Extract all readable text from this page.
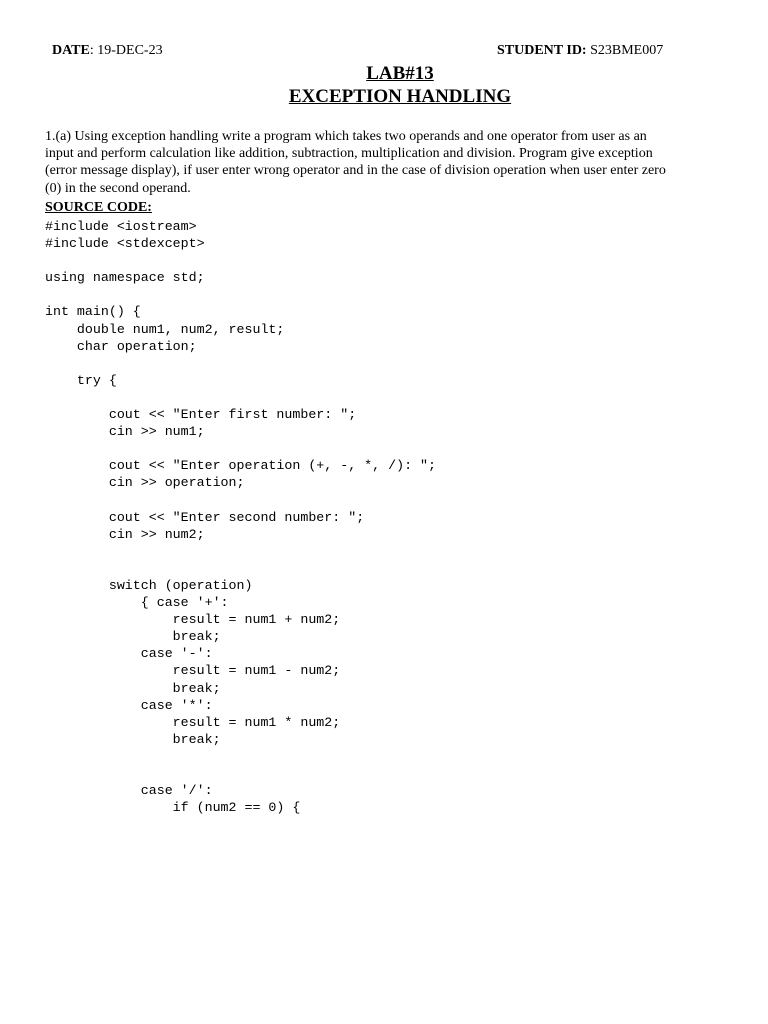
DATE: 19-DEC-23	STUDENT ID: S23BME007
LAB#13
EXCEPTION HANDLING
1.(a) Using exception handling write a program which takes two operands and one operator from user as an
input and perform calculation like addition, subtraction, multiplication and division. Program give exception
(error message display), if user enter wrong operator and in the case of division operation when user enter zero
(0) in the second operand.
SOURCE CODE:
#include <iostream>
#include <stdexcept>
using namespace std;
int main() {
double num1, num2, result;
char operation;
try {
cout << "Enter first number: ";
cin >> num1;
cout << "Enter operation (+, -, *, /): ";
cin >> operation;
cout << "Enter second number: ";
cin >> num2;
switch (operation)
{ case '+':
result = num1 + num2;
break;
case '-':
result = num1 - num2;
break;
case '*':
result = num1 * num2;
break;
case '/':
if (num2 == 0) {
